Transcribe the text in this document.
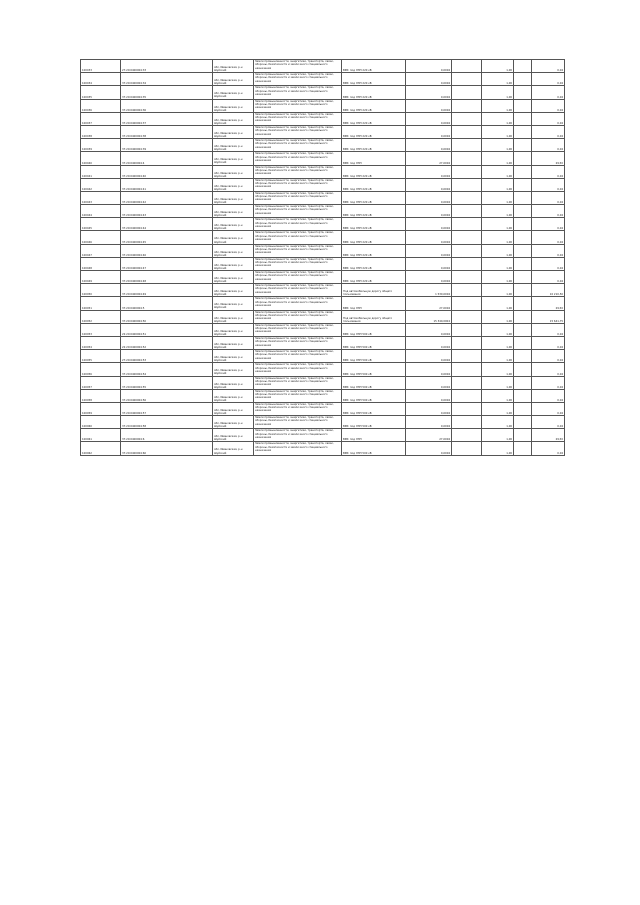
100033	27:20:0400004:33	обл. Ивановская, р-н Шуйский	Земли промышленности, энергетики, транспорта, связи, обороны, безопасности и земли иного специального назначения	ВРИ: под ЛЭП 220 кВ	0,0004		1,00		0,04
100034	37:20:0400004:34	обл. Ивановская, р-н Шуйский	Земли промышленности, энергетики, транспорта, связи, обороны, безопасности и земли иного специального назначения	ВРИ: под ЛЭП 220 кВ	0,0004		1,00		0,04
100035	37:20:0400004:35	обл. Ивановская, р-н Шуйский	Земли промышленности, энергетики, транспорта, связи, обороны, безопасности и земли иного специального назначения	ВРИ: под ЛЭП 220 кВ	0,0004		1,00		0,04
100036	37:20:0400004:36	обл. Ивановская, р-н Шуйский	Земли промышленности, энергетики, транспорта, связи, обороны, безопасности и земли иного специального назначения	ВРИ: под ЛЭП 220 кВ	0,0004		1,00		0,04
100037	37:20:0400004:37	обл. Ивановская, р-н Шуйский	Земли промышленности, энергетики, транспорта, связи, обороны, безопасности и земли иного специального назначения	ВРИ: под ЛЭП 220 кВ	0,0004		1,00		0,04
100038	37:20:0400004:38	обл. Ивановская, р-н Шуйский	Земли промышленности, энергетики, транспорта, связи, обороны, безопасности и земли иного специального назначения	ВРИ: под ЛЭП 220 кВ	0,0004		1,00		0,04
100039	37:20:0400004:39	обл. Ивановская, р-н Шуйский	Земли промышленности, энергетики, транспорта, связи, обороны, безопасности и земли иного специального назначения	ВРИ: под ЛЭП 220 кВ	0,0004		1,00		0,04
100040	37:20:0400004:4	обл. Ивановская, р-н Шуйский	Земли промышленности, энергетики, транспорта, связи, обороны, безопасности и земли иного специального назначения	ВРИ: под ЛЭП	27,0004		1,00		29,50
100041	37:20:0400004:40	обл. Ивановская, р-н Шуйский	Земли промышленности, энергетики, транспорта, связи, обороны, безопасности и земли иного специального назначения	ВРИ: под ЛЭП 220 кВ	0,0004		1,00		0,04
100042	37:20:0400004:41	обл. Ивановская, р-н Шуйский	Земли промышленности, энергетики, транспорта, связи, обороны, безопасности и земли иного специального назначения	ВРИ: под ЛЭП 220 кВ	0,0004		1,00		0,04
100043	37:20:0400004:42	обл. Ивановская, р-н Шуйский	Земли промышленности, энергетики, транспорта, связи, обороны, безопасности и земли иного специального назначения	ВРИ: под ЛЭП 220 кВ	0,0004		1,00		0,04
100044	37:20:0400004:43	обл. Ивановская, р-н Шуйский	Земли промышленности, энергетики, транспорта, связи, обороны, безопасности и земли иного специального назначения	ВРИ: под ЛЭП 220 кВ	0,0004		1,00		0,04
100045	37:20:0400004:44	обл. Ивановская, р-н Шуйский	Земли промышленности, энергетики, транспорта, связи, обороны, безопасности и земли иного специального назначения	ВРИ: под ЛЭП 220 кВ	0,0004		1,00		0,04
100046	37:20:0400004:45	обл. Ивановская, р-н Шуйский	Земли промышленности, энергетики, транспорта, связи, обороны, безопасности и земли иного специального назначения	ВРИ: под ЛЭП 220 кВ	0,0004		1,00		0,04
100047	37:20:0400004:46	обл. Ивановская, р-н Шуйский	Земли промышленности, энергетики, транспорта, связи, обороны, безопасности и земли иного специального назначения	ВРИ: под ЛЭП 220 кВ	0,0004		1,00		0,04
100048	37:20:0400004:47	обл. Ивановская, р-н Шуйский	Земли промышленности, энергетики, транспорта, связи, обороны, безопасности и земли иного специального назначения	ВРИ: под ЛЭП 220 кВ	0,0004		1,00		0,04
100049	37:20:0400004:48	обл. Ивановская, р-н Шуйский	Земли промышленности, энергетики, транспорта, связи, обороны, безопасности и земли иного специального назначения	ВРИ: под ЛЭП 220 кВ	0,0004		1,00		0,04
100050	37:20:0400004:49	обл. Ивановская, р-н Шуйский	Земли промышленности, энергетики, транспорта, связи, обороны, безопасности и земли иного специального назначения	Под автомобильную дорогу общего пользования	1 530,0004		1,00		10 210,50
100051	37:20:0400004:5	обл. Ивановская, р-н Шуйский	Земли промышленности, энергетики, транспорта, связи, обороны, безопасности и земли иного специального назначения	ВРИ: под ЛЭП	27,0004		1,00		29,50
100052	37:20:0400004:50	обл. Ивановская, р-н Шуйский	Земли промышленности, энергетики, транспорта, связи, обороны, безопасности и земли иного специального назначения	Под автомобильную дорогу общего пользования	15 340,0004		1,00		15 641,75
100053	22:20:0400004:51	обл. Ивановская, р-н Шуйский	Земли промышленности, энергетики, транспорта, связи, обороны, безопасности и земли иного специального назначения	ВРИ: под ЛЭП 500 кВ	0,0004		1,00		0,04
100054	22:20:0400004:52	обл. Ивановская, р-н Шуйский	Земли промышленности, энергетики, транспорта, связи, обороны, безопасности и земли иного специального назначения	ВРИ: под ЛЭП 500 кВ	0,0004		1,00		0,04
100055	27:20:0400004:53	обл. Ивановская, р-н Шуйский	Земли промышленности, энергетики, транспорта, связи, обороны, безопасности и земли иного специального назначения	ВРИ: под ЛЭП 500 кВ	0,0004		1,00		0,04
100056	37:20:0400004:54	обл. Ивановская, р-н Шуйский	Земли промышленности, энергетики, транспорта, связи, обороны, безопасности и земли иного специального назначения	ВРИ: под ЛЭП 500 кВ	0,0004		1,00		0,04
100057	37:20:0400004:55	обл. Ивановская, р-н Шуйский	Земли промышленности, энергетики, транспорта, связи, обороны, безопасности и земли иного специального назначения	ВРИ: под ЛЭП 500 кВ	0,0004		1,00		0,04
100058	37:20:0400004:56	обл. Ивановская, р-н Шуйский	Земли промышленности, энергетики, транспорта, связи, обороны, безопасности и земли иного специального назначения	ВРИ: под ЛЭП 500 кВ	0,0004		1,00		0,04
100059	37:20:0400004:57	обл. Ивановская, р-н Шуйский	Земли промышленности, энергетики, транспорта, связи, обороны, безопасности и земли иного специального назначения	ВРИ: под ЛЭП 500 кВ	0,0004		1,00		0,04
100060	37:20:0400004:58	обл. Ивановская, р-н Шуйский	Земли промышленности, энергетики, транспорта, связи, обороны, безопасности и земли иного специального назначения	ВРИ: под ЛЭП 500 кВ	0,0004		1,00		0,04
100061	37:20:0400004:6	обл. Ивановская, р-н Шуйский	Земли промышленности, энергетики, транспорта, связи, обороны, безопасности и земли иного специального назначения	ВРИ: под ЛЭП	27,0004		1,00		29,50
100062	37:20:0400004:60	обл. Ивановская, р-н Шуйский	Земли промышленности, энергетики, транспорта, связи, обороны, безопасности и земли иного специального назначения	ВРИ: под ЛЭП 500 кВ	0,0004		1,00		0,04
